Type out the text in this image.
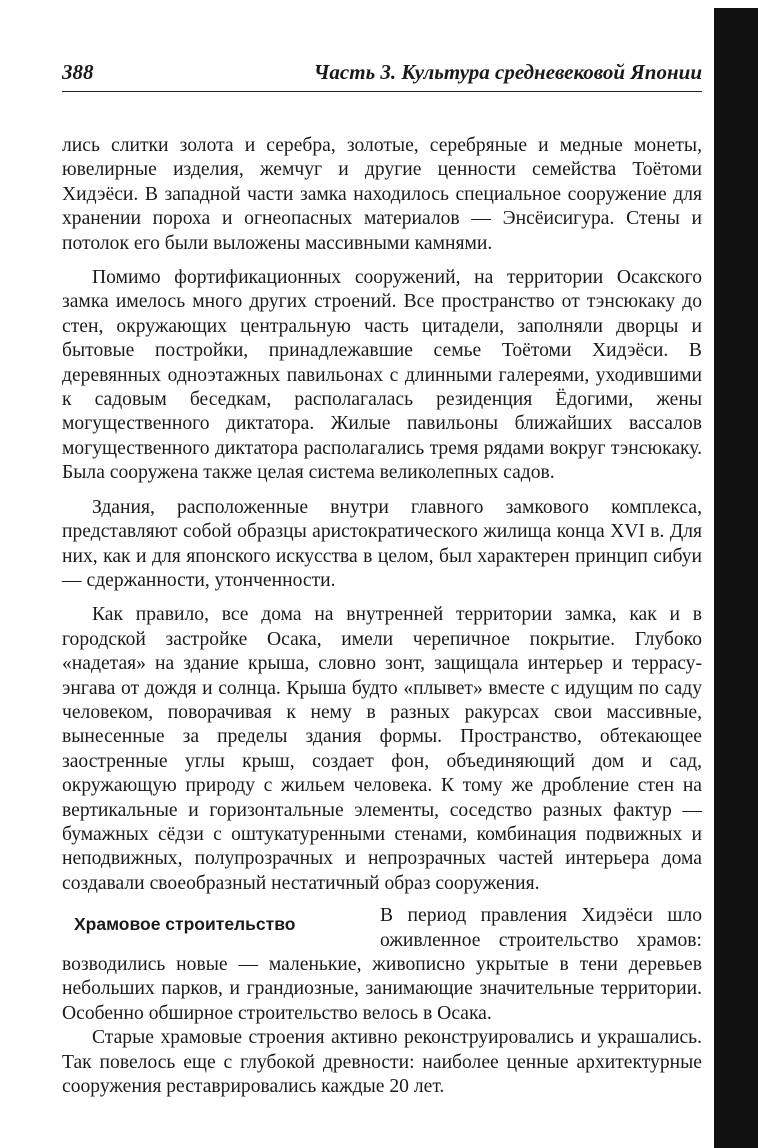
388	Часть 3. Культура средневековой Японии

лись слитки золота и серебра, золотые, серебряные и медные монеты, ювелирные изделия, жемчуг и другие ценности семейства Тоётоми Хидэёси. В западной части замка находилось специальное сооружение для хранении пороха и огнеопасных материалов — Энсёисигура. Стены и потолок его были выложены массивными камнями.

Помимо фортификационных сооружений, на территории Осакского замка имелось много других строений. Все пространство от тэнсюкаку до стен, окружающих центральную часть цитадели, заполняли дворцы и бытовые постройки, принадлежавшие семье Тоётоми Хидэёси. В деревянных одноэтажных павильонах с длинными галереями, уходившими к садовым беседкам, располагалась резиденция Ёдогими, жены могущественного диктатора. Жилые павильоны ближайших вассалов могущественного диктатора располагались тремя рядами вокруг тэнсюкаку. Была сооружена также целая система великолепных садов.

Здания, расположенные внутри главного замкового комплекса, представляют собой образцы аристократического жилища конца XVI в. Для них, как и для японского искусства в целом, был характерен принцип сибуи — сдержанности, утонченности.

Как правило, все дома на внутренней территории замка, как и в городской застройке Осака, имели черепичное покрытие. Глубоко «надетая» на здание крыша, словно зонт, защищала интерьер и террасу-энгава от дождя и солнца. Крыша будто «плывет» вместе с идущим по саду человеком, поворачивая к нему в разных ракурсах свои массивные, вынесенные за пределы здания формы. Пространство, обтекающее заостренные углы крыш, создает фон, объединяющий дом и сад, окружающую природу с жильем человека. К тому же дробление стен на вертикальные и горизонтальные элементы, соседство разных фактур — бумажных сёдзи с оштукатуренными стенами, комбинация подвижных и неподвижных, полупрозрачных и непрозрачных частей интерьера дома создавали своеобразный нестатичный образ сооружения.

Храмовое строительство	В период правления Хидэёси шло оживленное строительство храмов: возводились новые — маленькие, живописно укрытые в тени деревьев небольших парков, и грандиозные, занимающие значительные территории. Особенно обширное строительство велось в Осака.

Старые храмовые строения активно реконструировались и украшались. Так повелось еще с глубокой древности: наиболее ценные архитектурные сооружения реставрировались каждые 20 лет.
